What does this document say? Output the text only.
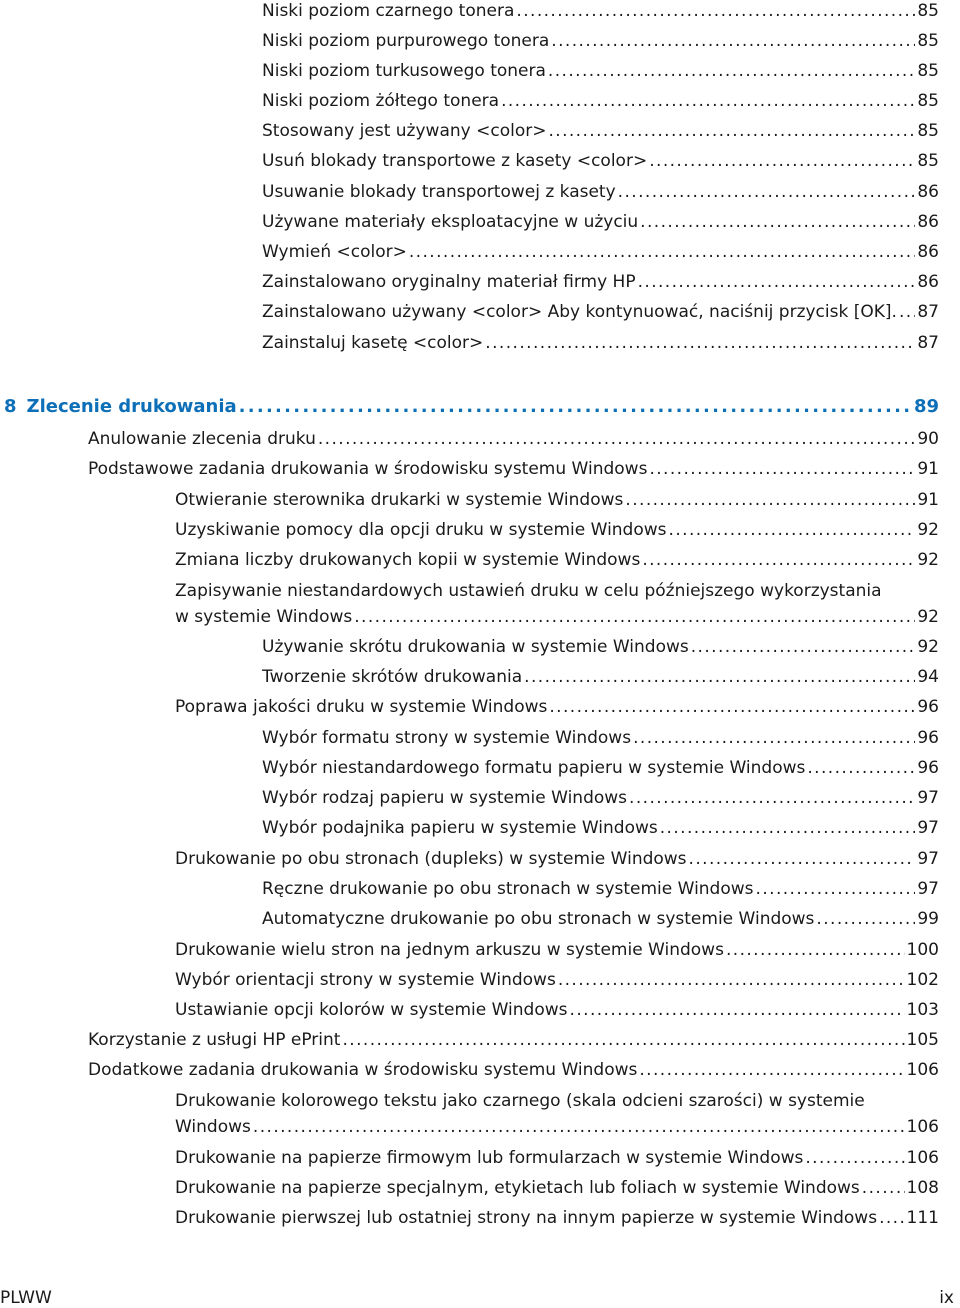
Niski poziom czarnego tonera . . .	85
Niski poziom purpurowego tonera . . .	85
Niski poziom turkusowego tonera . . .	85
Niski poziom żółtego tonera . . .	85
Stosowany jest używany <color> . . .	85
Usuń blokady transportowe z kasety <color> . . .	85
Usuwanie blokady transportowej z kasety . . .	86
Używane materiały eksploatacyjne w użyciu . . .	86
Wymień <color> . . .	86
Zainstalowano oryginalny materiał firmy HP . . .	86
Zainstalowano używany <color> Aby kontynuować, naciśnij przycisk [OK]. . . . 87
Zainstaluj kasetę <color> . . .	87
8 Zlecenie drukowania . . .	89
Anulowanie zlecenia druku . . .	90
Podstawowe zadania drukowania w środowisku systemu Windows . . .	91
Otwieranie sterownika drukarki w systemie Windows . . .	91
Uzyskiwanie pomocy dla opcji druku w systemie Windows . . .	92
Zmiana liczby drukowanych kopii w systemie Windows . . .	92
Zapisywanie niestandardowych ustawień druku w celu późniejszego wykorzystania
w systemie Windows . . .	92
Używanie skrótu drukowania w systemie Windows . . .	92
Tworzenie skrótów drukowania . . .	94
Poprawa jakości druku w systemie Windows . . .	96
Wybór formatu strony w systemie Windows . . .	96
Wybór niestandardowego formatu papieru w systemie Windows . . .	96
Wybór rodzaj papieru w systemie Windows . . .	97
Wybór podajnika papieru w systemie Windows . . .	97
Drukowanie po obu stronach (dupleks) w systemie Windows . . .	97
Ręczne drukowanie po obu stronach w systemie Windows . . .	97
Automatyczne drukowanie po obu stronach w systemie Windows . . .	99
Drukowanie wielu stron na jednym arkuszu w systemie Windows . . .	100
Wybór orientacji strony w systemie Windows . . .	102
Ustawianie opcji kolorów w systemie Windows . . .	103
Korzystanie z usługi HP ePrint . . .	105
Dodatkowe zadania drukowania w środowisku systemu Windows . . .	106
Drukowanie kolorowego tekstu jako czarnego (skala odcieni szarości) w systemie
Windows . . .	106
Drukowanie na papierze firmowym lub formularzach w systemie Windows . . .	106
Drukowanie na papierze specjalnym, etykietach lub foliach w systemie Windows . . .	108
Drukowanie pierwszej lub ostatniej strony na innym papierze w systemie Windows . . . 111
PLWW	ix
